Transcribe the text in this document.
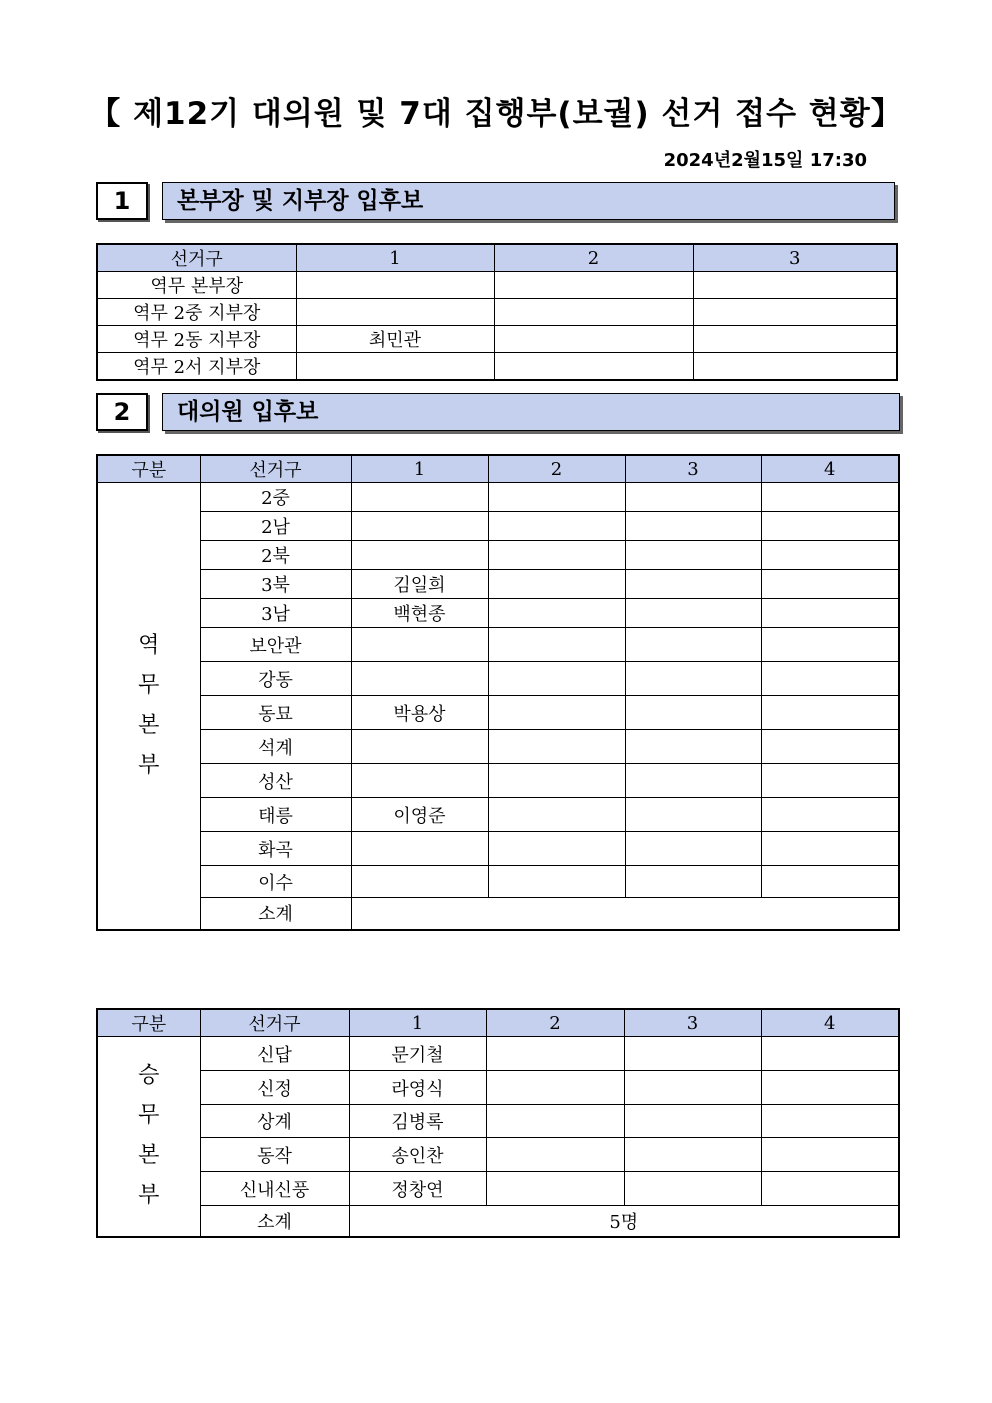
【 제12기 대의원 및 7대 집행부(보궐) 선거 접수 현황】
2024년2월15일 17:30
1	본부장 및 지부장 입후보
선거구	1	2	3
역무 본부장			
역무 2중 지부장			
역무 2동 지부장	최민관		
역무 2서 지부장			
2	대의원 입후보
구분	선거구	1	2	3	4

역
무
본
부	2중				
	2남				
	2북				
	3북	김일희			
	3남	백현종			
	보안관				
	강동				
	동묘	박용상			
	석계				
	성산				
	태릉	이영준			
	화곡				
	이수				
	소계				
구분	선거구	1	2	3	4

승
무
본
부	신답	문기철			
	신정	라영식			
	상계	김병록			
	동작	송인찬			
	신내신풍	정창연			
	소계	5명			
